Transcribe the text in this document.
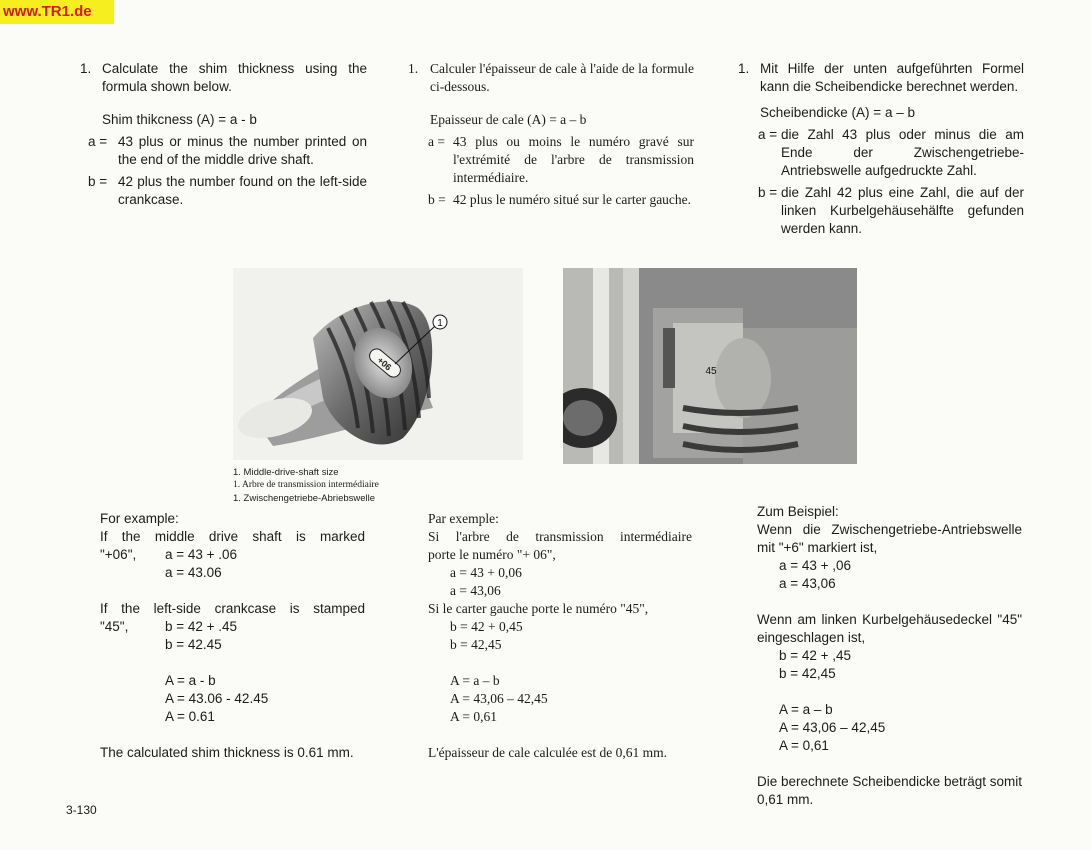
www.TR1.de
1. Calculate the shim thickness using the formula shown below.

Shim thikcness (A) = a - b

a = 43 plus or minus the number printed on the end of the middle drive shaft.
b = 42 plus the number found on the left-side crankcase.
1. Calculer l'épaisseur de cale à l'aide de la formule ci-dessous.

Epaisseur de cale (A) = a – b

a = 43 plus ou moins le numéro gravé sur l'extrémité de l'arbre de transmission intermédiaire.
b = 42 plus le numéro situé sur le carter gauche.
1. Mit Hilfe der unten aufgeführten Formel kann die Scheibendicke berechnet werden.

Scheibendicke (A) = a – b

a = die Zahl 43 plus oder minus die am Ende der Zwischengetriebe-Antriebswelle aufgedruckte Zahl.
b = die Zahl 42 plus eine Zahl, die auf der linken Kurbelgehäusehälfte gefunden werden kann.
+06
1
1. Middle-drive-shaft size
1. Arbre de transmission intermédiaire
1. Zwischengetriebe-Abriebswelle
45

For example:

If the middle drive shaft is marked

"+06",	a = 43 + .06

a = 43.06

If the left-side crankcase is stamped

"45",	b = 42 + .45

b = 42.45

A = a - b

A = 43.06 - 42.45

A = 0.61

The calculated shim thickness is 0.61 mm.

Par exemple:

Si l'arbre de transmission intermédiaire

porte le numéro "+ 06",

a = 43 + 0,06

a = 43,06

Si le carter gauche porte le numéro "45",

b = 42 + 0,45

b = 42,45

A = a – b

A = 43,06 – 42,45

A = 0,61

L'épaisseur de cale calculée est de 0,61 mm.

Zum Beispiel:

Wenn die Zwischengetriebe-Antriebswelle mit "+6" markiert ist,

a = 43 + ,06

a = 43,06

Wenn am linken Kurbelgehäusedeckel "45" eingeschlagen ist,

b = 42 + ,45

b = 42,45

A = a – b

A = 43,06 – 42,45

A = 0,61

Die berechnete Scheibendicke beträgt somit 0,61 mm.

3-130
